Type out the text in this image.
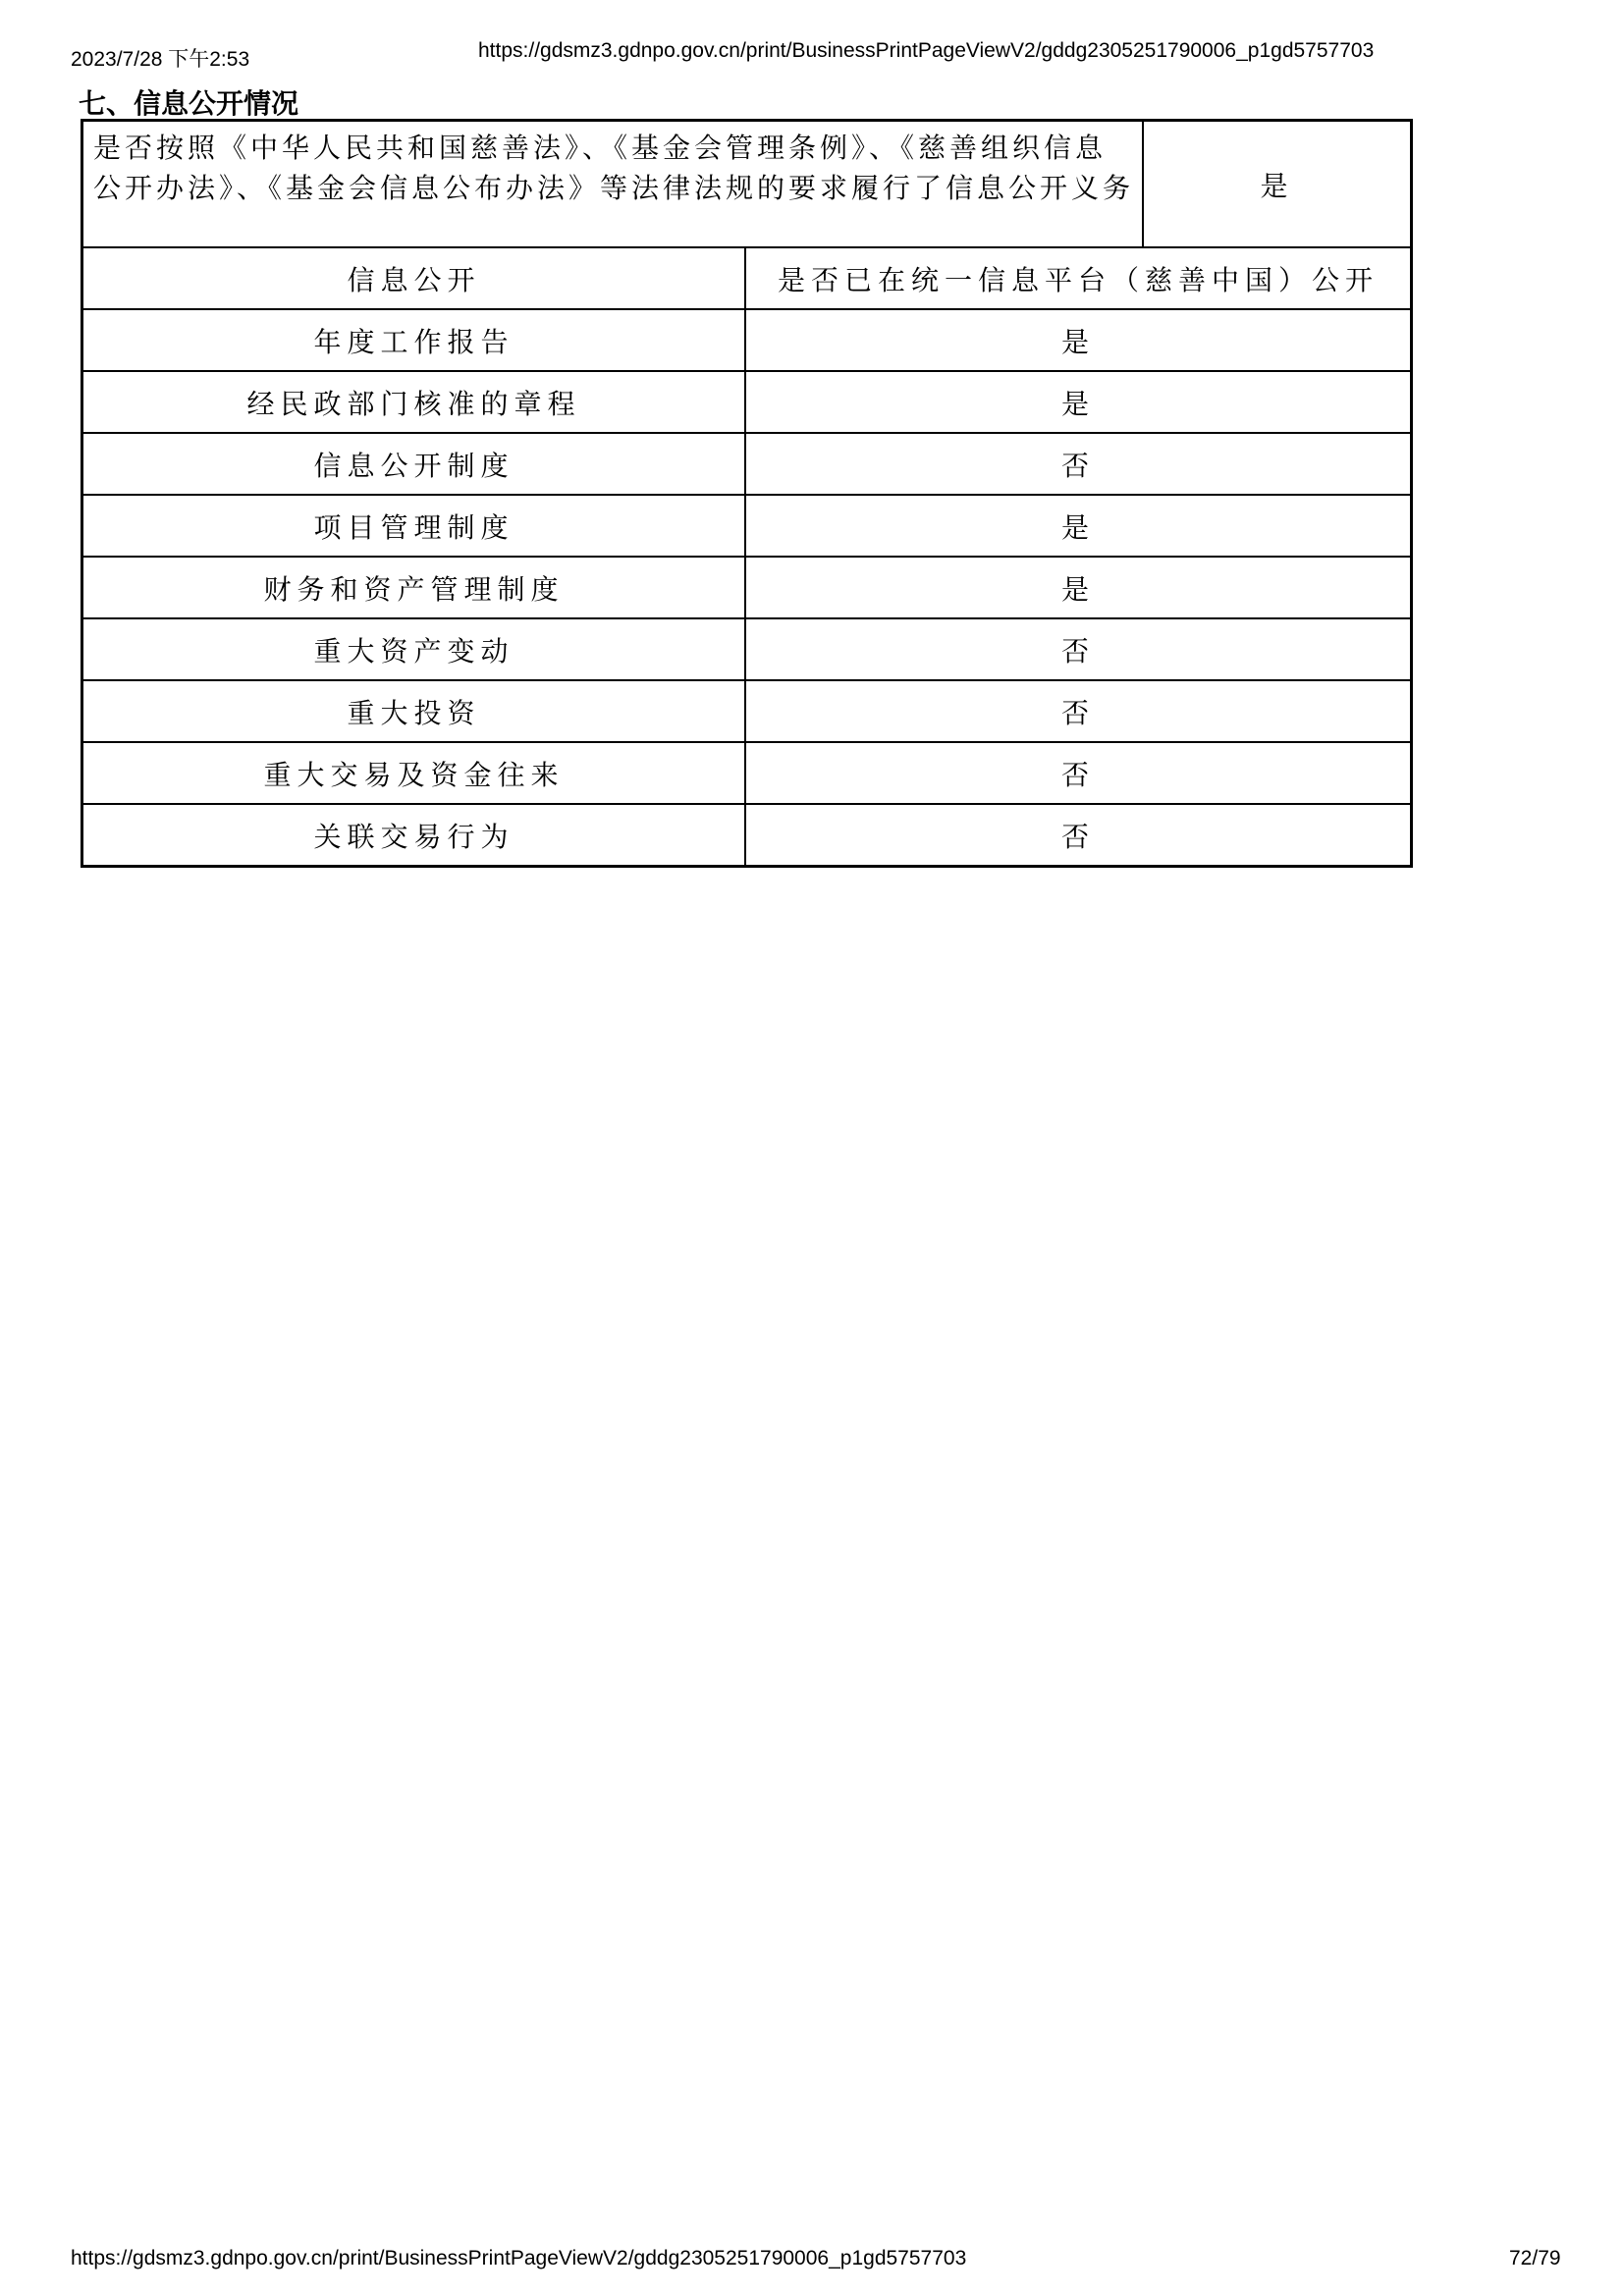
2023/7/28 下午2:53	https://gdsmz3.gdnpo.gov.cn/print/BusinessPrintPageViewV2/gddg2305251790006_p1gd5757703
七、信息公开情况
是否按照《中华人民共和国慈善法》、《基金会管理条例》、《慈善组织信息公开办法》、《基金会信息公布办法》等法律法规的要求履行了信息公开义务	是
信息公开	是否已在统一信息平台（慈善中国）公开
年度工作报告	是
经民政部门核准的章程	是
信息公开制度	否
项目管理制度	是
财务和资产管理制度	是
重大资产变动	否
重大投资	否
重大交易及资金往来	否
关联交易行为	否
https://gdsmz3.gdnpo.gov.cn/print/BusinessPrintPageViewV2/gddg2305251790006_p1gd5757703	72/79
